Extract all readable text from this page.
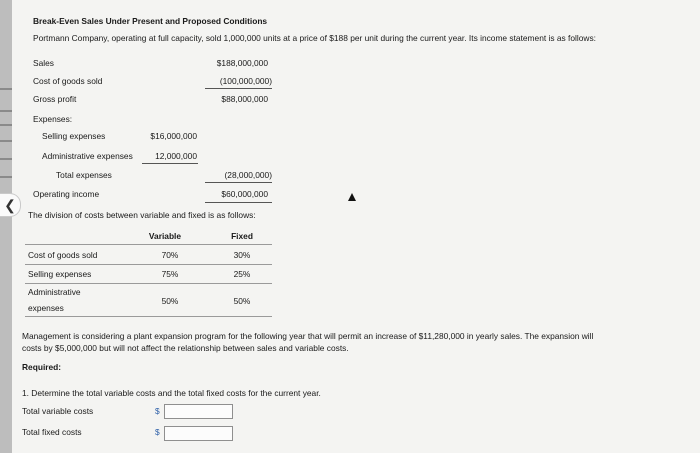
❮
Break-Even Sales Under Present and Proposed Conditions
Portmann Company, operating at full capacity, sold 1,000,000 units at a price of $188 per unit during the current year. Its income statement is as follows:
Sales	$188,000,000
Cost of goods sold	(100,000,000)
Gross profit	$88,000,000
Expenses:
Selling expenses	$16,000,000
Administrative expenses	12,000,000
Total expenses	(28,000,000)
Operating income	$60,000,000
The division of costs between variable and fixed is as follows:
Variable	Fixed
Cost of goods sold	70%	30%
Selling expenses	75%	25%
Administrative
expenses
50%	50%
Management is considering a plant expansion program for the following year that will permit an increase of $11,280,000 in yearly sales. The expansion will
costs by $5,000,000 but will not affect the relationship between sales and variable costs.
Required:
1. Determine the total variable costs and the total fixed costs for the current year.
Total variable costs	$
Total fixed costs	$
